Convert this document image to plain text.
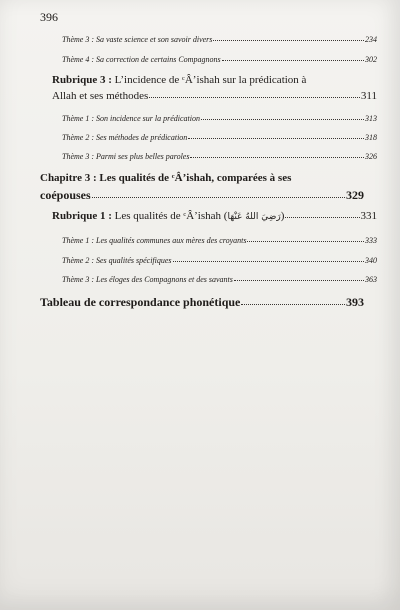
396
Thème 3 : Sa vaste science et son savoir divers	234
Thème 4 : Sa correction de certains Compagnons	302
Rubrique 3 : L’incidence de ᶜÂ’ishah sur la prédication à
Allah et ses méthodes	311
Thème 1 : Son incidence sur la prédication	313
Thème 2 : Ses méthodes de prédication	318
Thème 3 : Parmi ses plus belles paroles	326
Chapitre 3 : Les qualités de ᶜÂ’ishah, comparées à ses
coépouses	329
Rubrique 1 : Les qualités de ᶜÂ’ishah (رَضِيَ اللهُ عَنْهَا)	331
Thème 1 : Les qualités communes aux mères des croyants	333
Thème 2 : Ses qualités spécifiques	340
Thème 3 : Les éloges des Compagnons et des savants	363
Tableau de correspondance phonétique	393
